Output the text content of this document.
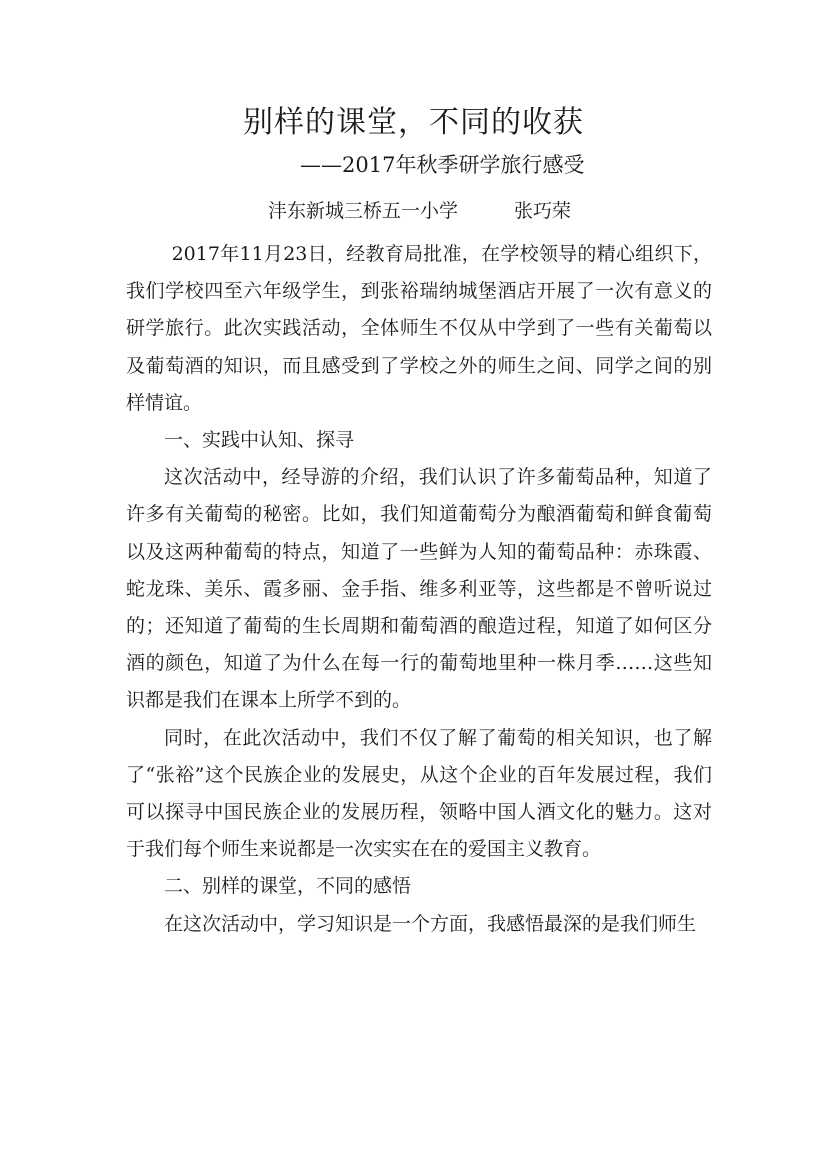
别样的课堂，不同的收获
——2017年秋季研学旅行感受
沣东新城三桥五一小学	张巧荣

2017年11月23日，经教育局批准，在学校领导的精心组织下，我们学校四至六年级学生，到张裕瑞纳城堡酒店开展了一次有意义的研学旅行。此次实践活动，全体师生不仅从中学到了一些有关葡萄以及葡萄酒的知识，而且感受到了学校之外的师生之间、同学之间的别样情谊。

一、实践中认知、探寻

这次活动中，经导游的介绍，我们认识了许多葡萄品种，知道了许多有关葡萄的秘密。比如，我们知道葡萄分为酿酒葡萄和鲜食葡萄以及这两种葡萄的特点，知道了一些鲜为人知的葡萄品种：赤珠霞、蛇龙珠、美乐、霞多丽、金手指、维多利亚等，这些都是不曾听说过的；还知道了葡萄的生长周期和葡萄酒的酿造过程，知道了如何区分酒的颜色，知道了为什么在每一行的葡萄地里种一株月季……这些知识都是我们在课本上所学不到的。

同时，在此次活动中，我们不仅了解了葡萄的相关知识，也了解了“张裕”这个民族企业的发展史，从这个企业的百年发展过程，我们可以探寻中国民族企业的发展历程，领略中国人酒文化的魅力。这对于我们每个师生来说都是一次实实在在的爱国主义教育。

二、别样的课堂，不同的感悟

在这次活动中，学习知识是一个方面，我感悟最深的是我们师生
